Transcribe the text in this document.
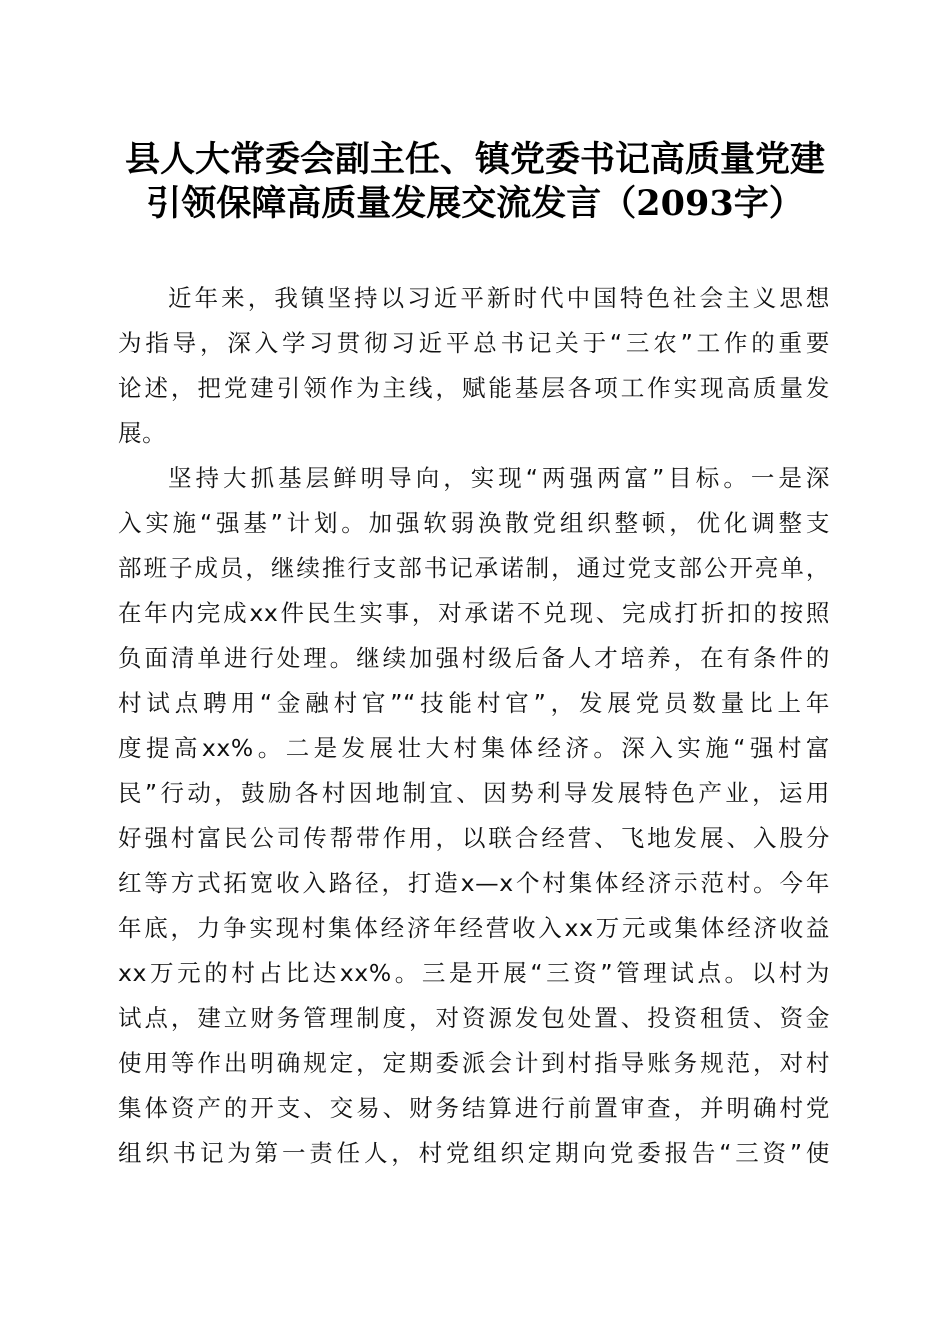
县人大常委会副主任、镇党委书记高质量党建
引领保障高质量发展交流发言（2093字）
近年来，我镇坚持以习近平新时代中国特色社会主义思想
为指导，深入学习贯彻习近平总书记关于“三农”工作的重要
论述，把党建引领作为主线，赋能基层各项工作实现高质量发
展。
坚持大抓基层鲜明导向，实现“两强两富”目标。一是深
入实施“强基”计划。加强软弱涣散党组织整顿，优化调整支
部班子成员，继续推行支部书记承诺制，通过党支部公开亮单，
在年内完成xx件民生实事，对承诺不兑现、完成打折扣的按照
负面清单进行处理。继续加强村级后备人才培养，在有条件的
村试点聘用“金融村官”“技能村官”，发展党员数量比上年
度提高xx%。二是发展壮大村集体经济。深入实施“强村富
民”行动，鼓励各村因地制宜、因势利导发展特色产业，运用
好强村富民公司传帮带作用，以联合经营、飞地发展、入股分
红等方式拓宽收入路径，打造x—x个村集体经济示范村。今年
年底，力争实现村集体经济年经营收入xx万元或集体经济收益
xx万元的村占比达xx%。三是开展“三资”管理试点。以村为
试点，建立财务管理制度，对资源发包处置、投资租赁、资金
使用等作出明确规定，定期委派会计到村指导账务规范，对村
集体资产的开支、交易、财务结算进行前置审查，并明确村党
组织书记为第一责任人，村党组织定期向党委报告“三资”使
